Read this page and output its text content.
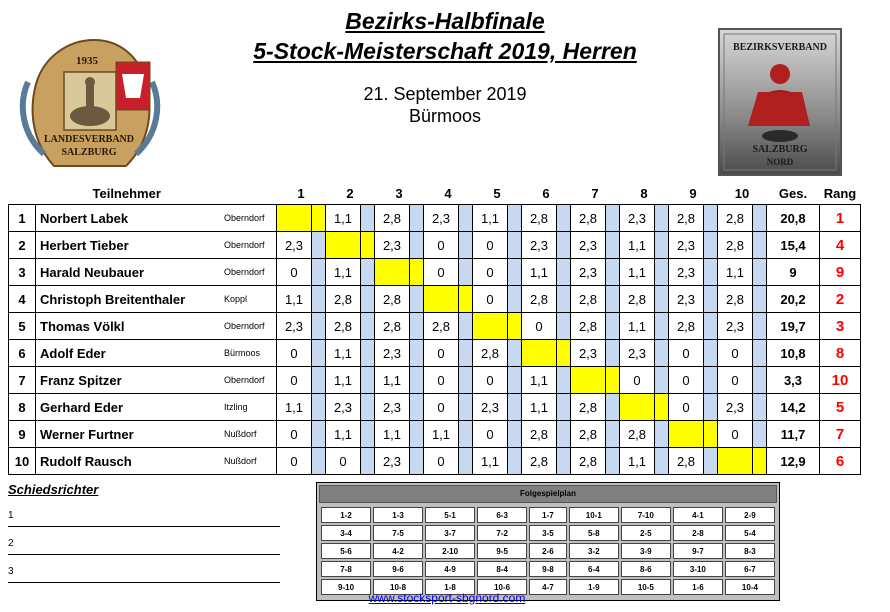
1935
LANDESVERBAND
SALZBURG
Bezirks-Halbfinale
5-Stock-Meisterschaft 2019, Herren
21. September 2019
Bürmoos
BEZIRKSVERBAND
SALZBURG
NORD
Teilnehmer			1		2		3		4		5		6		7		8		9		10		Ges.	Rang
1	Norbert Labek	Oberndorf			1,1		2,8		2,3		1,1		2,8		2,8		2,3		2,8		2,8		20,8	1
2	Herbert Tieber	Oberndorf	2,3				2,3		0		0		2,3		2,3		1,1		2,3		2,8		15,4	4
3	Harald Neubauer	Oberndorf	0		1,1				0		0		1,1		2,3		1,1		2,3		1,1		9	9
4	Christoph Breitenthaler	Koppl	1,1		2,8		2,8				0		2,8		2,8		2,8		2,3		2,8		20,2	2
5	Thomas Völkl	Oberndorf	2,3		2,8		2,8		2,8				0		2,8		1,1		2,8		2,3		19,7	3
6	Adolf Eder	Bürmoos	0		1,1		2,3		0		2,8				2,3		2,3		0		0		10,8	8
7	Franz Spitzer	Oberndorf	0		1,1		1,1		0		0		1,1				0		0		0		3,3	10
8	Gerhard Eder	Itzling	1,1		2,3		2,3		0		2,3		1,1		2,8				0		2,3		14,2	5
9	Werner Furtner	Nußdorf	0		1,1		1,1		1,1		0		2,8		2,8		2,8				0		11,7	7
10	Rudolf Rausch	Nußdorf	0		0		2,3		0		1,1		2,8		2,8		1,1		2,8				12,9	6
Schiedsrichter
1
2
3
Folgespielplan
1-2	1-3	5-1	6-3	1-7	10-1	7-10	4-1	2-9
3-4	7-5	3-7	7-2	3-5	5-8	2-5	2-8	5-4
5-6	4-2	2-10	9-5	2-6	3-2	3-9	9-7	8-3
7-8	9-6	4-9	8-4	9-8	6-4	8-6	3-10	6-7
9-10	10-8	1-8	10-6	4-7	1-9	10-5	1-6	10-4
www.stocksport-sbgnord.com
